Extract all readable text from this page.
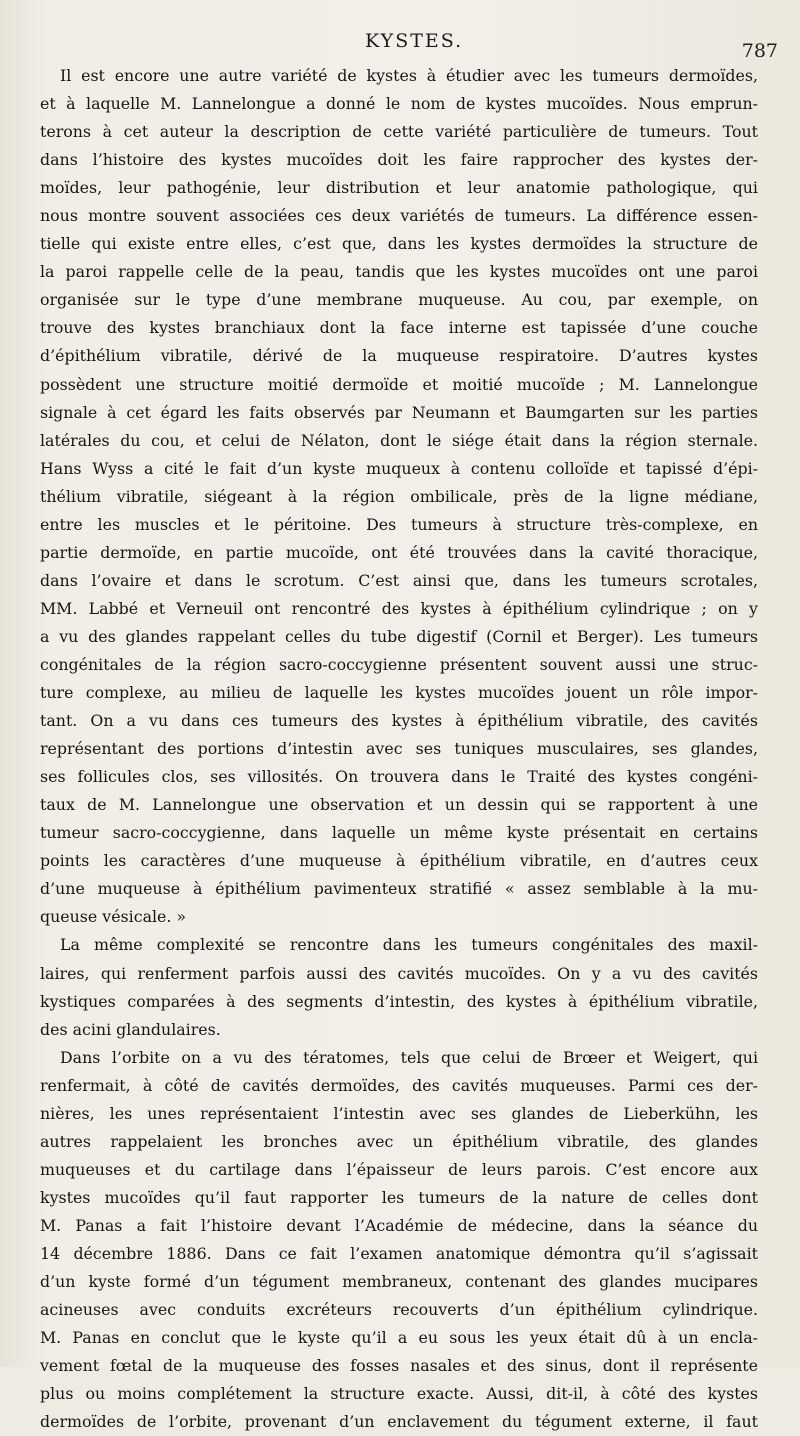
KYSTES.	787
Il est encore une autre variété de kystes à étudier avec les tumeurs dermoïdes,
et à laquelle M. Lannelongue a donné le nom de kystes mucoïdes. Nous emprun-
terons à cet auteur la description de cette variété particulière de tumeurs. Tout
dans l’histoire des kystes mucoïdes doit les faire rapprocher des kystes der-
moïdes, leur pathogénie, leur distribution et leur anatomie pathologique, qui
nous montre souvent associées ces deux variétés de tumeurs. La différence essen-
tielle qui existe entre elles, c’est que, dans les kystes dermoïdes la structure de
la paroi rappelle celle de la peau, tandis que les kystes mucoïdes ont une paroi
organisée sur le type d’une membrane muqueuse. Au cou, par exemple, on
trouve des kystes branchiaux dont la face interne est tapissée d’une couche
d’épithélium vibratile, dérivé de la muqueuse respiratoire. D’autres kystes
possèdent une structure moitié dermoïde et moitié mucoïde ; M. Lannelongue
signale à cet égard les faits observés par Neumann et Baumgarten sur les parties
latérales du cou, et celui de Nélaton, dont le siége était dans la région sternale.
Hans Wyss a cité le fait d’un kyste muqueux à contenu colloïde et tapissé d’épi-
thélium vibratile, siégeant à la région ombilicale, près de la ligne médiane,
entre les muscles et le péritoine. Des tumeurs à structure très-complexe, en
partie dermoïde, en partie mucoïde, ont été trouvées dans la cavité thoracique,
dans l’ovaire et dans le scrotum. C’est ainsi que, dans les tumeurs scrotales,
MM. Labbé et Verneuil ont rencontré des kystes à épithélium cylindrique ; on y
a vu des glandes rappelant celles du tube digestif (Cornil et Berger). Les tumeurs
congénitales de la région sacro-coccygienne présentent souvent aussi une struc-
ture complexe, au milieu de laquelle les kystes mucoïdes jouent un rôle impor-
tant. On a vu dans ces tumeurs des kystes à épithélium vibratile, des cavités
représentant des portions d’intestin avec ses tuniques musculaires, ses glandes,
ses follicules clos, ses villosités. On trouvera dans le Traité des kystes congéni-
taux de M. Lannelongue une observation et un dessin qui se rapportent à une
tumeur sacro-coccygienne, dans laquelle un même kyste présentait en certains
points les caractères d’une muqueuse à épithélium vibratile, en d’autres ceux
d’une muqueuse à épithélium pavimenteux stratifié « assez semblable à la mu-
queuse vésicale. »
La même complexité se rencontre dans les tumeurs congénitales des maxil-
laires, qui renferment parfois aussi des cavités mucoïdes. On y a vu des cavités
kystiques comparées à des segments d’intestin, des kystes à épithélium vibratile,
des acini glandulaires.
Dans l’orbite on a vu des tératomes, tels que celui de Brœer et Weigert, qui
renfermait, à côté de cavités dermoïdes, des cavités muqueuses. Parmi ces der-
nières, les unes représentaient l’intestin avec ses glandes de Lieberkühn, les
autres rappelaient les bronches avec un épithélium vibratile, des glandes
muqueuses et du cartilage dans l’épaisseur de leurs parois. C’est encore aux
kystes mucoïdes qu’il faut rapporter les tumeurs de la nature de celles dont
M. Panas a fait l’histoire devant l’Académie de médecine, dans la séance du
14 décembre 1886. Dans ce fait l’examen anatomique démontra qu’il s’agissait
d’un kyste formé d’un tégument membraneux, contenant des glandes mucipares
acineuses avec conduits excréteurs recouverts d’un épithélium cylindrique.
M. Panas en conclut que le kyste qu’il a eu sous les yeux était dû à un encla-
vement fœtal de la muqueuse des fosses nasales et des sinus, dont il représente
plus ou moins complétement la structure exacte. Aussi, dit-il, à côté des kystes
dermoïdes de l’orbite, provenant d’un enclavement du tégument externe, il faut
